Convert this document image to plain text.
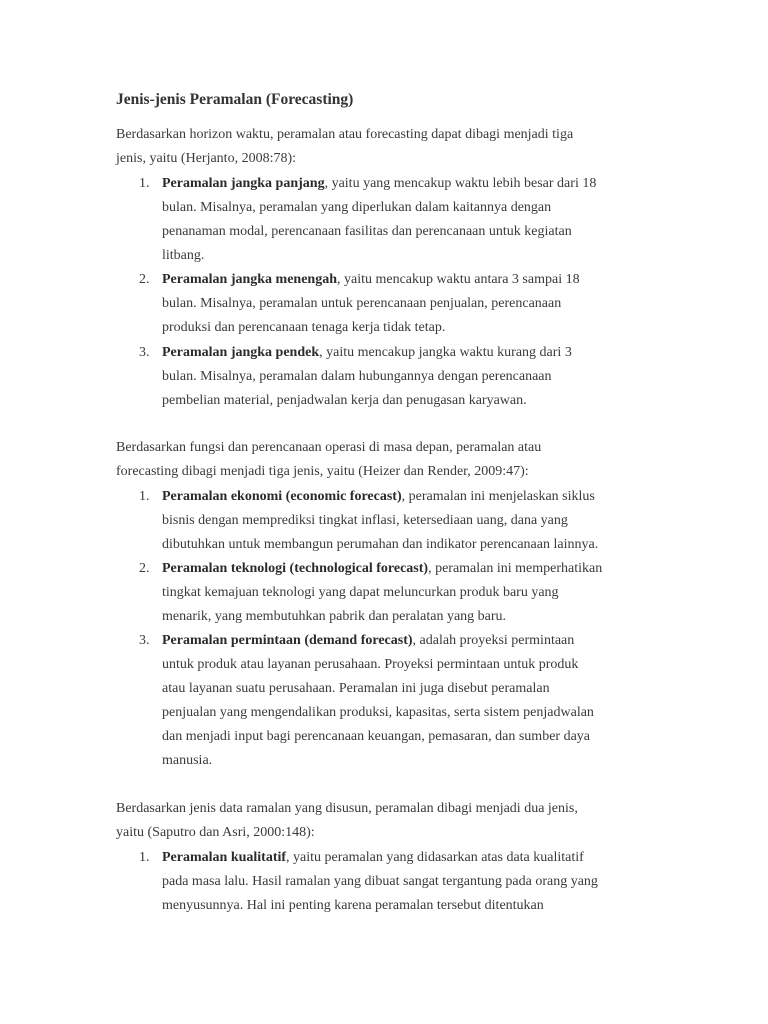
Jenis-jenis Peramalan (Forecasting)
Berdasarkan horizon waktu, peramalan atau forecasting dapat dibagi menjadi tiga
jenis, yaitu (Herjanto, 2008:78):
1. Peramalan jangka panjang, yaitu yang mencakup waktu lebih besar dari 18
bulan. Misalnya, peramalan yang diperlukan dalam kaitannya dengan
penanaman modal, perencanaan fasilitas dan perencanaan untuk kegiatan
litbang.
2. Peramalan jangka menengah, yaitu mencakup waktu antara 3 sampai 18
bulan. Misalnya, peramalan untuk perencanaan penjualan, perencanaan
produksi dan perencanaan tenaga kerja tidak tetap.
3. Peramalan jangka pendek, yaitu mencakup jangka waktu kurang dari 3
bulan. Misalnya, peramalan dalam hubungannya dengan perencanaan
pembelian material, penjadwalan kerja dan penugasan karyawan.
Berdasarkan fungsi dan perencanaan operasi di masa depan, peramalan atau
forecasting dibagi menjadi tiga jenis, yaitu (Heizer dan Render, 2009:47):
1. Peramalan ekonomi (economic forecast), peramalan ini menjelaskan siklus
bisnis dengan memprediksi tingkat inflasi, ketersediaan uang, dana yang
dibutuhkan untuk membangun perumahan dan indikator perencanaan lainnya.
2. Peramalan teknologi (technological forecast), peramalan ini memperhatikan
tingkat kemajuan teknologi yang dapat meluncurkan produk baru yang
menarik, yang membutuhkan pabrik dan peralatan yang baru.
3. Peramalan permintaan (demand forecast), adalah proyeksi permintaan
untuk produk atau layanan perusahaan. Proyeksi permintaan untuk produk
atau layanan suatu perusahaan. Peramalan ini juga disebut peramalan
penjualan yang mengendalikan produksi, kapasitas, serta sistem penjadwalan
dan menjadi input bagi perencanaan keuangan, pemasaran, dan sumber daya
manusia.
Berdasarkan jenis data ramalan yang disusun, peramalan dibagi menjadi dua jenis,
yaitu (Saputro dan Asri, 2000:148):
1. Peramalan kualitatif, yaitu peramalan yang didasarkan atas data kualitatif
pada masa lalu. Hasil ramalan yang dibuat sangat tergantung pada orang yang
menyusunnya. Hal ini penting karena peramalan tersebut ditentukan
